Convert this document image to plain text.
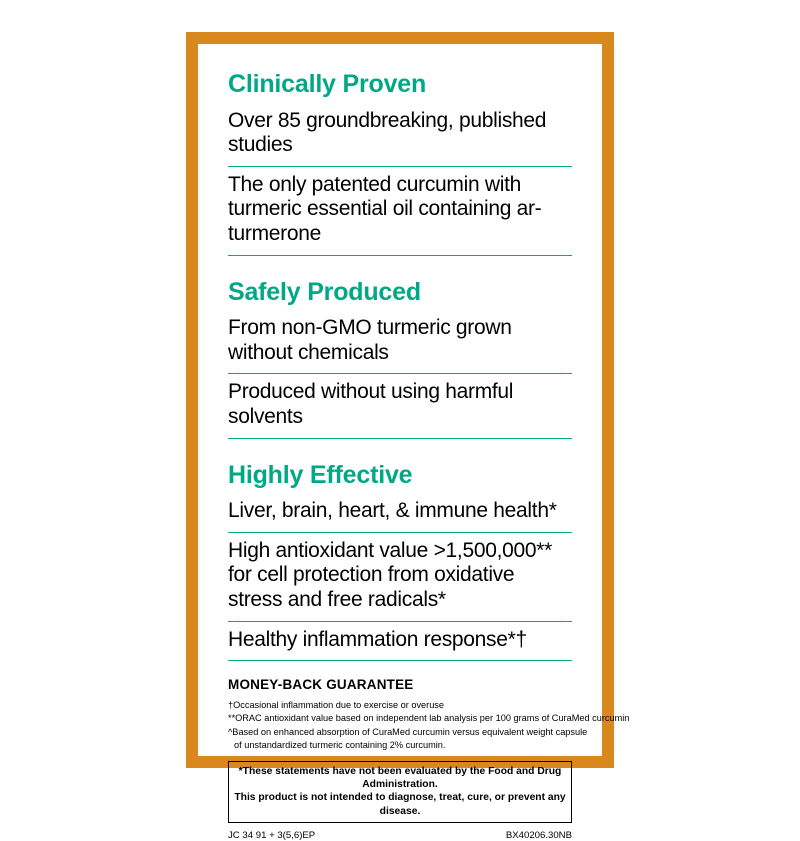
Clinically Proven
Over 85 groundbreaking, published studies
The only patented curcumin with turmeric essential oil containing ar-turmerone
Safely Produced
From non-GMO turmeric grown without chemicals
Produced without using harmful solvents
Highly Effective
Liver, brain, heart, & immune health*
High antioxidant value >1,500,000** for cell protection from oxidative stress and free radicals*
Healthy inflammation response*†
MONEY-BACK GUARANTEE
†Occasional inflammation due to exercise or overuse
**ORAC antioxidant value based on independent lab analysis per 100 grams of CuraMed curcumin
^Based on enhanced absorption of CuraMed curcumin versus equivalent weight capsule
of unstandardized turmeric containing 2% curcumin.
*These statements have not been evaluated by the Food and Drug Administration.
This product is not intended to diagnose, treat, cure, or prevent any disease.
JC 34 91 + 3(5,6)EP	BX40206.30NB
